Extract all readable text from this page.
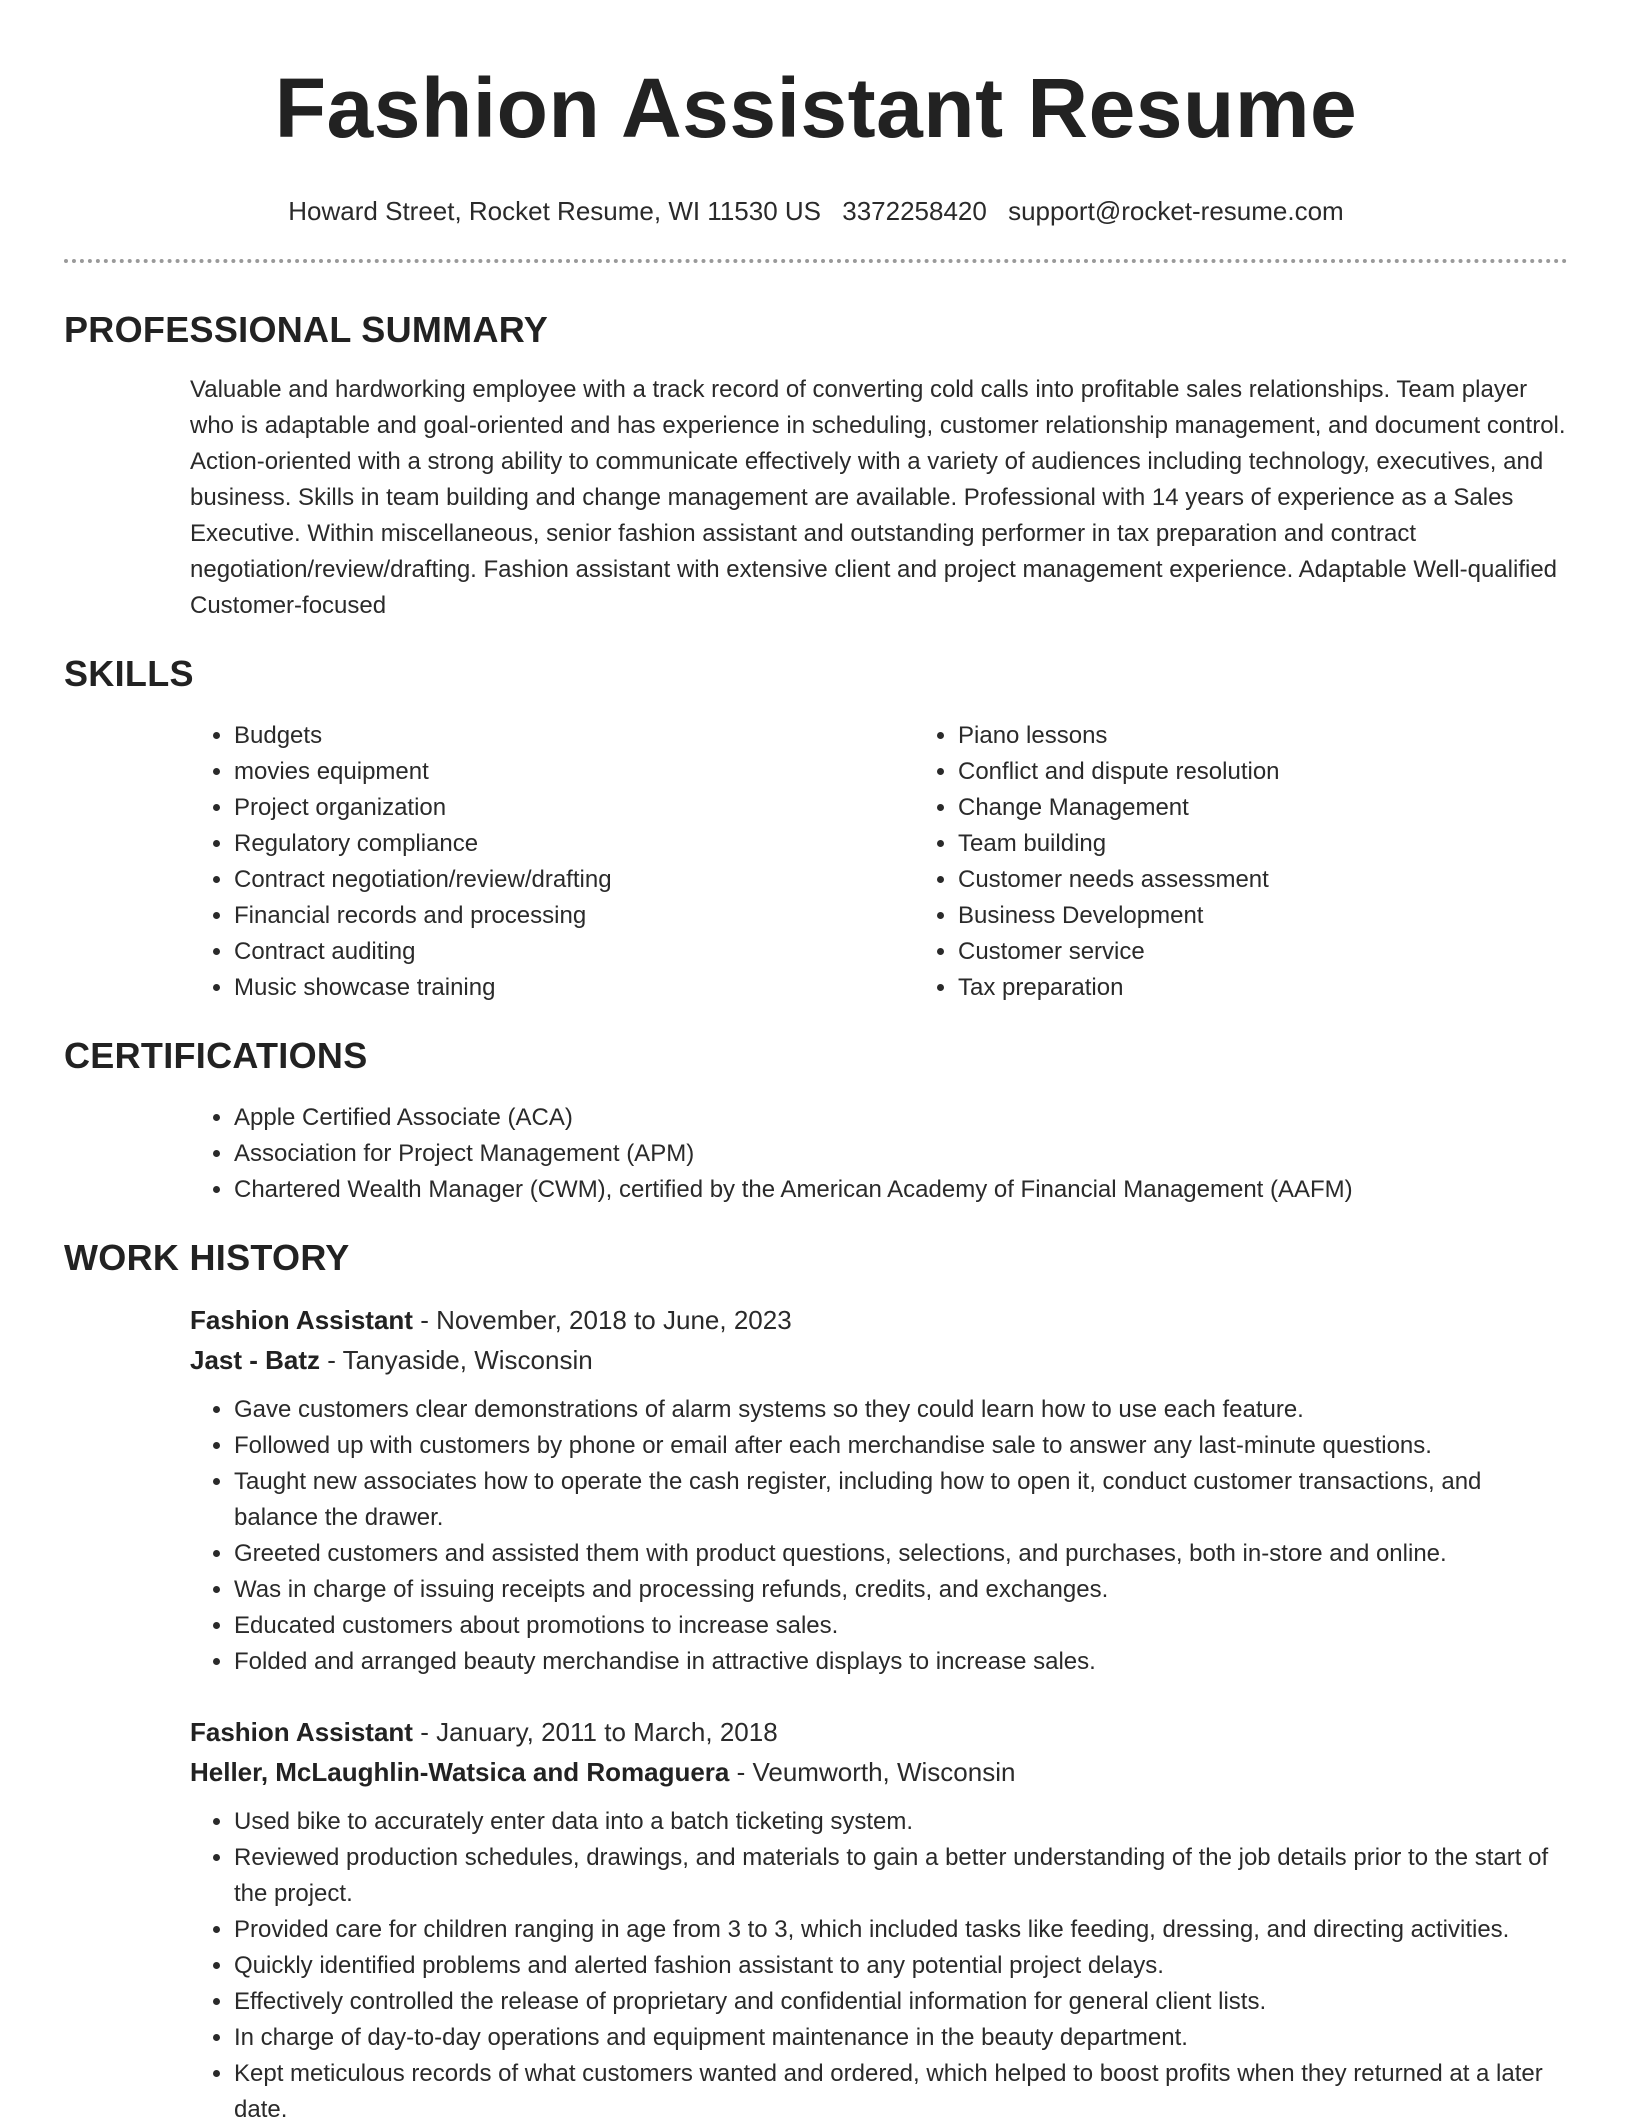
Fashion Assistant Resume
Howard Street, Rocket Resume, WI 11530 US 3372258420 support@rocket-resume.com
PROFESSIONAL SUMMARY

Valuable and hardworking employee with a track record of converting cold calls into profitable sales relationships. Team player who is adaptable and goal-oriented and has experience in scheduling, customer relationship management, and document control. Action-oriented with a strong ability to communicate effectively with a variety of audiences including technology, executives, and business. Skills in team building and change management are available. Professional with 14 years of experience as a Sales Executive. Within miscellaneous, senior fashion assistant and outstanding performer in tax preparation and contract negotiation/review/drafting. Fashion assistant with extensive client and project management experience. Adaptable Well-qualified Customer-focused

SKILLS
• Budgets
• movies equipment
• Project organization
• Regulatory compliance
• Contract negotiation/review/drafting
• Financial records and processing
• Contract auditing
• Music showcase training
• Piano lessons
• Conflict and dispute resolution
• Change Management
• Team building
• Customer needs assessment
• Business Development
• Customer service
• Tax preparation
CERTIFICATIONS
• Apple Certified Associate (ACA)
• Association for Project Management (APM)
• Chartered Wealth Manager (CWM), certified by the American Academy of Financial Management (AAFM)
WORK HISTORY
Fashion Assistant - November, 2018 to June, 2023
Jast - Batz - Tanyaside, Wisconsin
• Gave customers clear demonstrations of alarm systems so they could learn how to use each feature.
• Followed up with customers by phone or email after each merchandise sale to answer any last-minute questions.
• Taught new associates how to operate the cash register, including how to open it, conduct customer transactions, and balance the drawer.
• Greeted customers and assisted them with product questions, selections, and purchases, both in-store and online.
• Was in charge of issuing receipts and processing refunds, credits, and exchanges.
• Educated customers about promotions to increase sales.
• Folded and arranged beauty merchandise in attractive displays to increase sales.
Fashion Assistant - January, 2011 to March, 2018
Heller, McLaughlin-Watsica and Romaguera - Veumworth, Wisconsin
• Used bike to accurately enter data into a batch ticketing system.
• Reviewed production schedules, drawings, and materials to gain a better understanding of the job details prior to the start of the project.
• Provided care for children ranging in age from 3 to 3, which included tasks like feeding, dressing, and directing activities.
• Quickly identified problems and alerted fashion assistant to any potential project delays.
• Effectively controlled the release of proprietary and confidential information for general client lists.
• In charge of day-to-day operations and equipment maintenance in the beauty department.
• Kept meticulous records of what customers wanted and ordered, which helped to boost profits when they returned at a later date.
